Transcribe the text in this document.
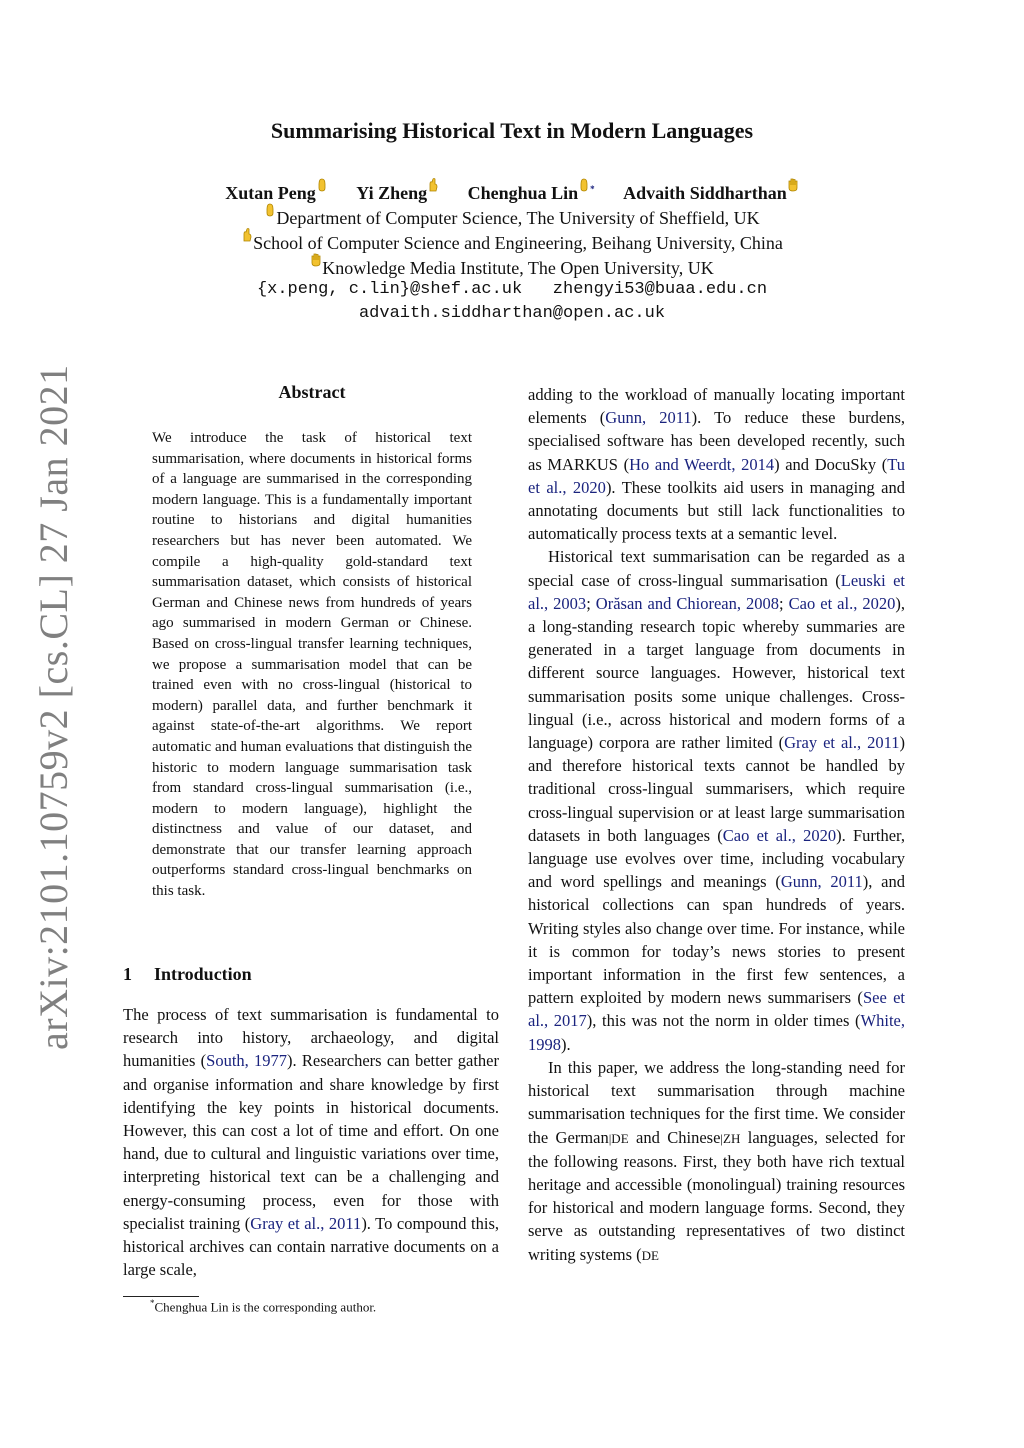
arXiv:2101.10759v2 [cs.CL] 27 Jan 2021
Summarising Historical Text in Modern Languages
Xutan Peng Yi Zheng Chenghua Lin * Advaith Siddharthan
Department of Computer Science, The University of Sheffield, UK
School of Computer Science and Engineering, Beihang University, China
Knowledge Media Institute, The Open University, UK
{x.peng, c.lin}@shef.ac.uk   zhengyi53@buaa.edu.cn
advaith.siddharthan@open.ac.uk
Abstract
We introduce the task of historical text summarisation, where documents in historical forms of a language are summarised in the corresponding modern language. This is a fundamentally important routine to historians and digital humanities researchers but has never been automated. We compile a high-quality gold-standard text summarisation dataset, which consists of historical German and Chinese news from hundreds of years ago summarised in modern German or Chinese. Based on cross-lingual transfer learning techniques, we propose a summarisation model that can be trained even with no cross-lingual (historical to modern) parallel data, and further benchmark it against state-of-the-art algorithms. We report automatic and human evaluations that distinguish the historic to modern language summarisation task from standard cross-lingual summarisation (i.e., modern to modern language), highlight the distinctness and value of our dataset, and demonstrate that our transfer learning approach outperforms standard cross-lingual benchmarks on this task.
1 Introduction

The process of text summarisation is fundamental to research into history, archaeology, and digital humanities (South, 1977). Researchers can better gather and organise information and share knowledge by first identifying the key points in historical documents. However, this can cost a lot of time and effort. On one hand, due to cultural and linguistic variations over time, interpreting historical text can be a challenging and energy-consuming process, even for those with specialist training (Gray et al., 2011). To compound this, historical archives can contain narrative documents on a large scale,

*Chenghua Lin is the corresponding author.

adding to the workload of manually locating important elements (Gunn, 2011). To reduce these burdens, specialised software has been developed recently, such as MARKUS (Ho and Weerdt, 2014) and DocuSky (Tu et al., 2020). These toolkits aid users in managing and annotating documents but still lack functionalities to automatically process texts at a semantic level.

Historical text summarisation can be regarded as a special case of cross-lingual summarisation (Leuski et al., 2003; Orăsan and Chiorean, 2008; Cao et al., 2020), a long-standing research topic whereby summaries are generated in a target language from documents in different source languages. However, historical text summarisation posits some unique challenges. Cross-lingual (i.e., across historical and modern forms of a language) corpora are rather limited (Gray et al., 2011) and therefore historical texts cannot be handled by traditional cross-lingual summarisers, which require cross-lingual supervision or at least large summarisation datasets in both languages (Cao et al., 2020). Further, language use evolves over time, including vocabulary and word spellings and meanings (Gunn, 2011), and historical collections can span hundreds of years. Writing styles also change over time. For instance, while it is common for today’s news stories to present important information in the first few sentences, a pattern exploited by modern news summarisers (See et al., 2017), this was not the norm in older times (White, 1998).

In this paper, we address the long-standing need for historical text summarisation through machine summarisation techniques for the first time. We consider the German|DE and Chinese|ZH languages, selected for the following reasons. First, they both have rich textual heritage and accessible (monolingual) training resources for historical and modern language forms. Second, they serve as outstanding representatives of two distinct writing systems (DE
